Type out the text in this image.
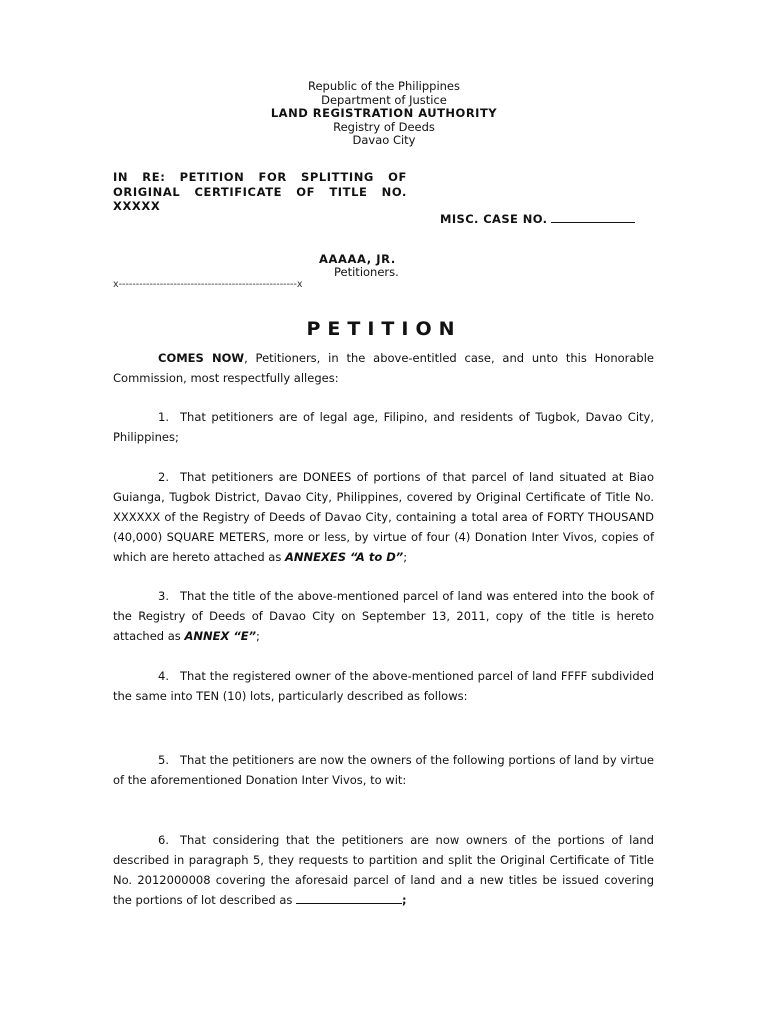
Republic of the Philippines
Department of Justice
LAND REGISTRATION AUTHORITY
Registry of Deeds
Davao City
IN RE: PETITION FOR SPLITTING OF
ORIGINAL CERTIFICATE OF TITLE NO.
XXXXX
MISC. CASE NO.
AAAAA, JR.
Petitioners.
x----------------------------------------------------x
PETITION

COMES NOW, Petitioners, in the above-entitled case, and unto this Honorable Commission, most respectfully alleges:

1. That petitioners are of legal age, Filipino, and residents of Tugbok, Davao City, Philippines;

2. That petitioners are DONEES of portions of that parcel of land situated at Biao Guianga, Tugbok District, Davao City, Philippines, covered by Original Certificate of Title No. XXXXXX of the Registry of Deeds of Davao City, containing a total area of FORTY THOUSAND (40,000) SQUARE METERS, more or less, by virtue of four (4) Donation Inter Vivos, copies of which are hereto attached as ANNEXES “A to D”;

3. That the title of the above-mentioned parcel of land was entered into the book of the Registry of Deeds of Davao City on September 13, 2011, copy of the title is hereto attached as ANNEX “E”;

4. That the registered owner of the above-mentioned parcel of land FFFF subdivided the same into TEN (10) lots, particularly described as follows:

5. That the petitioners are now the owners of the following portions of land by virtue of the aforementioned Donation Inter Vivos, to wit:

6. That considering that the petitioners are now owners of the portions of land described in paragraph 5, they requests to partition and split the Original Certificate of Title No. 2012000008 covering the aforesaid parcel of land and a new titles be issued covering the portions of lot described as	;
